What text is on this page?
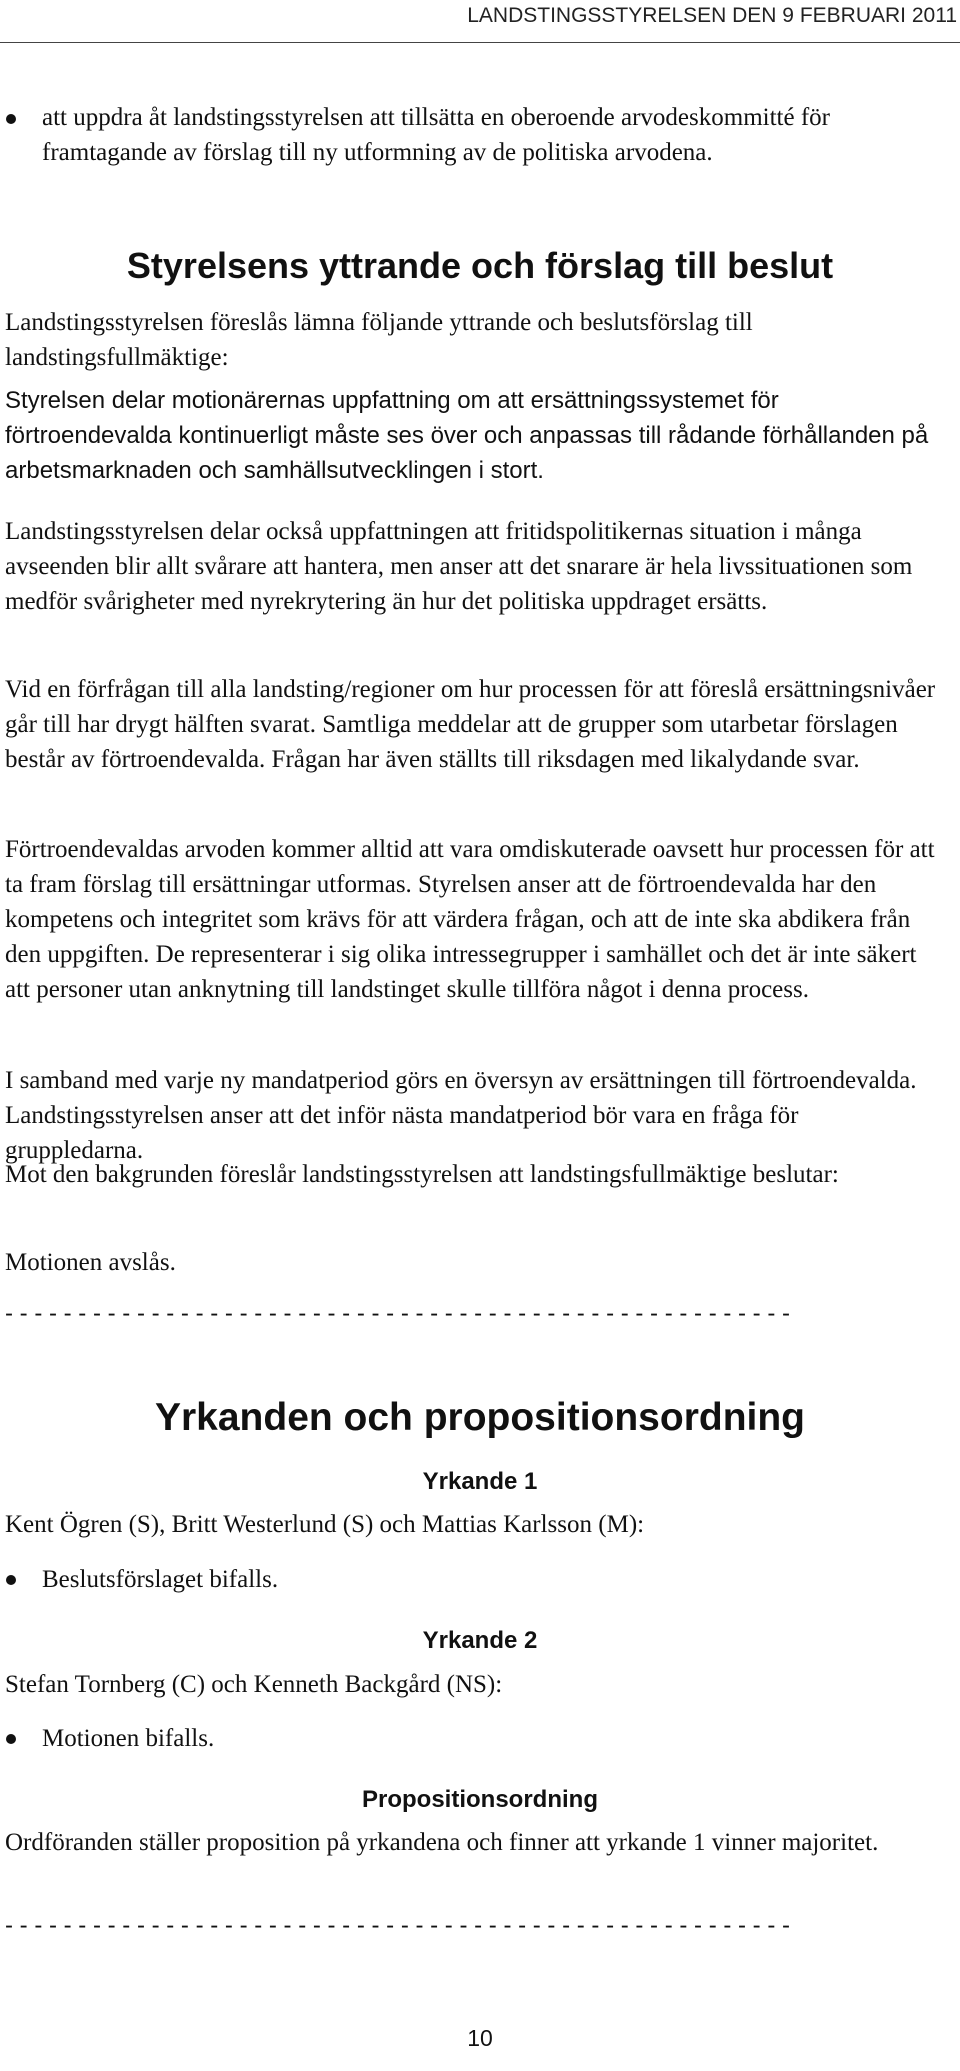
LANDSTINGSSTYRELSEN DEN 9 FEBRUARI 2011
att uppdra åt landstingsstyrelsen att tillsätta en oberoende arvodeskommitté för framtagande av förslag till ny utformning av de politiska arvodena.
Styrelsens yttrande och förslag till beslut
Landstingsstyrelsen föreslås lämna följande yttrande och beslutsförslag till landstingsfullmäktige:
Styrelsen delar motionärernas uppfattning om att ersättningssystemet för förtroendevalda kontinuerligt måste ses över och anpassas till rådande förhållanden på arbetsmarknaden och samhällsutvecklingen i stort.
Landstingsstyrelsen delar också uppfattningen att fritidspolitikernas situation i många avseenden blir allt svårare att hantera, men anser att det snarare är hela livssituationen som medför svårigheter med nyrekrytering än hur det politiska uppdraget ersätts.
Vid en förfrågan till alla landsting/regioner om hur processen för att föreslå ersättningsnivåer går till har drygt hälften svarat. Samtliga meddelar att de grupper som utarbetar förslagen består av förtroendevalda. Frågan har även ställts till riksdagen med likalydande svar.
Förtroendevaldas arvoden kommer alltid att vara omdiskuterade oavsett hur processen för att ta fram förslag till ersättningar utformas. Styrelsen anser att de förtroendevalda har den kompetens och integritet som krävs för att värdera frågan, och att de inte ska abdikera från den uppgiften. De representerar i sig olika intressegrupper i samhället och det är inte säkert att personer utan anknytning till landstinget skulle tillföra något i denna process.
I samband med varje ny mandatperiod görs en översyn av ersättningen till förtroendevalda. Landstingsstyrelsen anser att det inför nästa mandatperiod bör vara en fråga för gruppledarna.
Mot den bakgrunden föreslår landstingsstyrelsen att landstingsfullmäktige beslutar:
Motionen avslås.
- - - - - - - - - - - - - - - - - - - - - - - - - - - - - - - - - - - - - - - - - - - - - - - - - - - - - -
Yrkanden och propositionsordning
Yrkande 1
Kent Ögren (S), Britt Westerlund (S) och Mattias Karlsson (M):
Beslutsförslaget bifalls.
Yrkande 2
Stefan Tornberg (C) och Kenneth Backgård (NS):
Motionen bifalls.
Propositionsordning
Ordföranden ställer proposition på yrkandena och finner att yrkande 1 vinner majoritet.
- - - - - - - - - - - - - - - - - - - - - - - - - - - - - - - - - - - - - - - - - - - - - - - - - - - - - -
10
